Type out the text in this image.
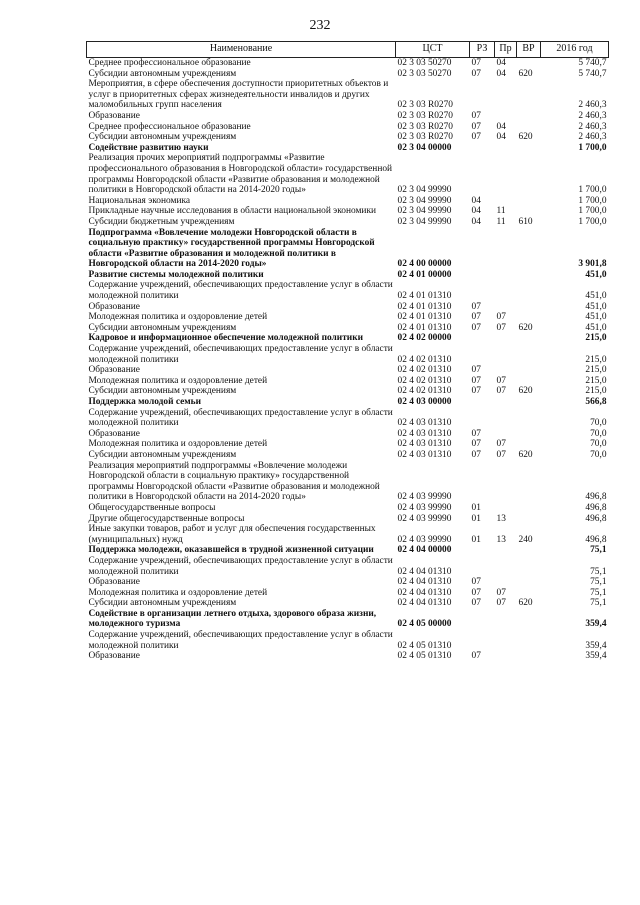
232
Наименование	ЦСТ	РЗ	Пр	ВР	2016 год
Среднее профессиональное образование	02 3 03 50270	07	04		5 740,7
Субсидии автономным учреждениям	02 3 03 50270	07	04	620	5 740,7
Мероприятия, в сфере обеспечения доступности приоритетных объектов и услуг в приоритетных сферах жизнедеятельности инвалидов и других маломобильных групп населения	02 3 03 R0270				2 460,3
Образование	02 3 03 R0270	07			2 460,3
Среднее профессиональное образование	02 3 03 R0270	07	04		2 460,3
Субсидии автономным учреждениям	02 3 03 R0270	07	04	620	2 460,3
Содействие развитию науки	02 3 04 00000				1 700,0
Реализация прочих мероприятий подпрограммы «Развитие профессионального образования в Новгородской области» государственной программы Новгородской области «Развитие образования и молодежной политики в Новгородской области на 2014-2020 годы»	02 3 04 99990				1 700,0
Национальная экономика	02 3 04 99990	04			1 700,0
Прикладные научные исследования в области национальной экономики	02 3 04 99990	04	11		1 700,0
Субсидии бюджетным учреждениям	02 3 04 99990	04	11	610	1 700,0
Подпрограмма «Вовлечение молодежи Новгородской области в социальную практику» государственной программы Новгородской области «Развитие образования и молодежной политики в Новгородской области на 2014-2020 годы»	02 4 00 00000				3 901,8
Развитие системы молодежной политики	02 4 01 00000				451,0
Содержание учреждений, обеспечивающих предоставление услуг в области молодежной политики	02 4 01 01310				451,0
Образование	02 4 01 01310	07			451,0
Молодежная политика и оздоровление детей	02 4 01 01310	07	07		451,0
Субсидии автономным учреждениям	02 4 01 01310	07	07	620	451,0
Кадровое и информационное обеспечение молодежной политики	02 4 02 00000				215,0
Содержание учреждений, обеспечивающих предоставление услуг в области молодежной политики	02 4 02 01310				215,0
Образование	02 4 02 01310	07			215,0
Молодежная политика и оздоровление детей	02 4 02 01310	07	07		215,0
Субсидии автономным учреждениям	02 4 02 01310	07	07	620	215,0
Поддержка молодой семьи	02 4 03 00000				566,8
Содержание учреждений, обеспечивающих предоставление услуг в области молодежной политики	02 4 03 01310				70,0
Образование	02 4 03 01310	07			70,0
Молодежная политика и оздоровление детей	02 4 03 01310	07	07		70,0
Субсидии автономным учреждениям	02 4 03 01310	07	07	620	70,0
Реализация мероприятий подпрограммы «Вовлечение молодежи Новгородской области в социальную практику» государственной программы Новгородской области «Развитие образования и молодежной политики в Новгородской области на 2014-2020 годы»	02 4 03 99990				496,8
Общегосударственные вопросы	02 4 03 99990	01			496,8
Другие общегосударственные вопросы	02 4 03 99990	01	13		496,8
Иные закупки товаров, работ и услуг для обеспечения государственных (муниципальных) нужд	02 4 03 99990	01	13	240	496,8
Поддержка молодежи, оказавшейся в трудной жизненной ситуации	02 4 04 00000				75,1
Содержание учреждений, обеспечивающих предоставление услуг в области молодежной политики	02 4 04 01310				75,1
Образование	02 4 04 01310	07			75,1
Молодежная политика и оздоровление детей	02 4 04 01310	07	07		75,1
Субсидии автономным учреждениям	02 4 04 01310	07	07	620	75,1
Содействие в организации летнего отдыха, здорового образа жизни, молодежного туризма	02 4 05 00000				359,4
Содержание учреждений, обеспечивающих предоставление услуг в области молодежной политики	02 4 05 01310				359,4
Образование	02 4 05 01310	07			359,4
